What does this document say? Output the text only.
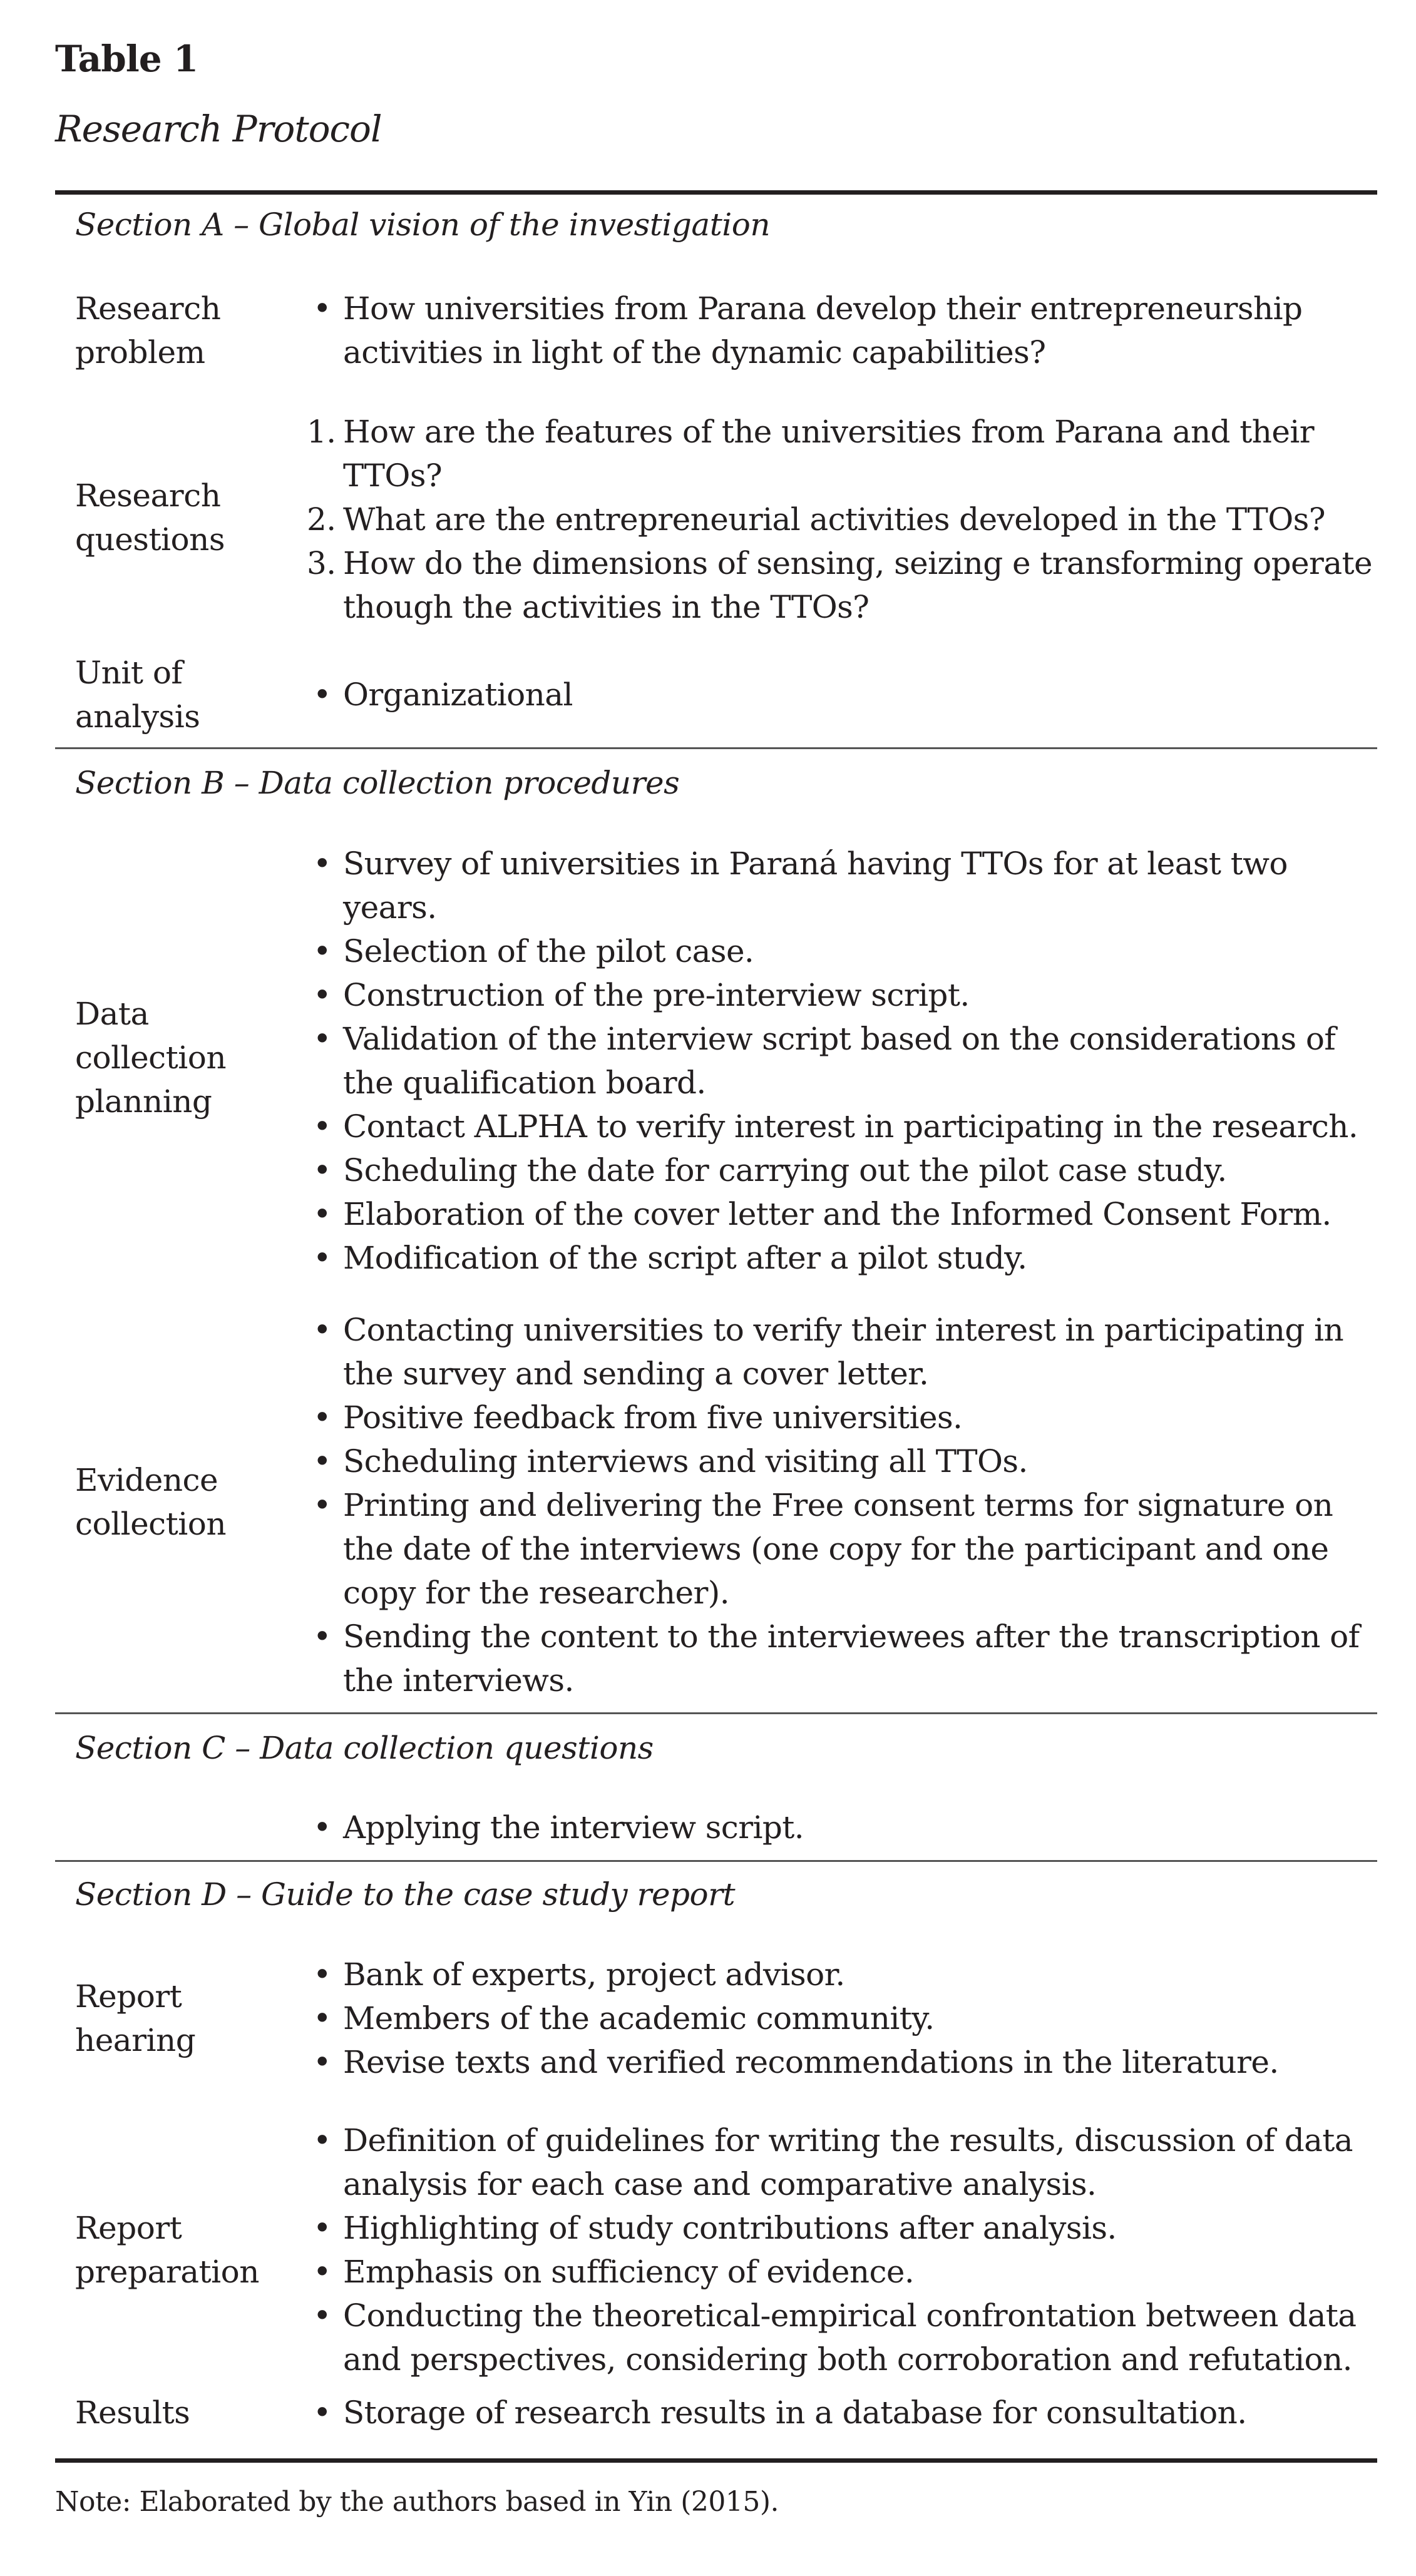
Table 1
Research Protocol
Section A – Global vision of the investigation
Research problem
• How universities from Parana develop their entrepreneurship activities in light of the dynamic capabilities?
Research questions
1. How are the features of the universities from Parana and their TTOs?
2. What are the entrepreneurial activities developed in the TTOs?
3. How do the dimensions of sensing, seizing e transforming operate though the activities in the TTOs?
Unit of analysis
• Organizational
Section B – Data collection procedures
Data collection planning
• Survey of universities in Paraná having TTOs for at least two years.
• Selection of the pilot case.
• Construction of the pre-interview script.
• Validation of the interview script based on the considerations of the qualification board.
• Contact ALPHA to verify interest in participating in the research.
• Scheduling the date for carrying out the pilot case study.
• Elaboration of the cover letter and the Informed Consent Form.
• Modification of the script after a pilot study.
Evidence collection
• Contacting universities to verify their interest in participating in the survey and sending a cover letter.
• Positive feedback from five universities.
• Scheduling interviews and visiting all TTOs.
• Printing and delivering the Free consent terms for signature on the date of the interviews (one copy for the participant and one copy for the researcher).
• Sending the content to the interviewees after the transcription of the interviews.
Section C – Data collection questions
• Applying the interview script.
Section D – Guide to the case study report
Report hearing
• Bank of experts, project advisor.
• Members of the academic community.
• Revise texts and verified recommendations in the literature.
Report preparation
• Definition of guidelines for writing the results, discussion of data analysis for each case and comparative analysis.
• Highlighting of study contributions after analysis.
• Emphasis on sufficiency of evidence.
• Conducting the theoretical-empirical confrontation between data and perspectives, considering both corroboration and refutation.
Results	• Storage of research results in a database for consultation.
Note: Elaborated by the authors based in Yin (2015).
